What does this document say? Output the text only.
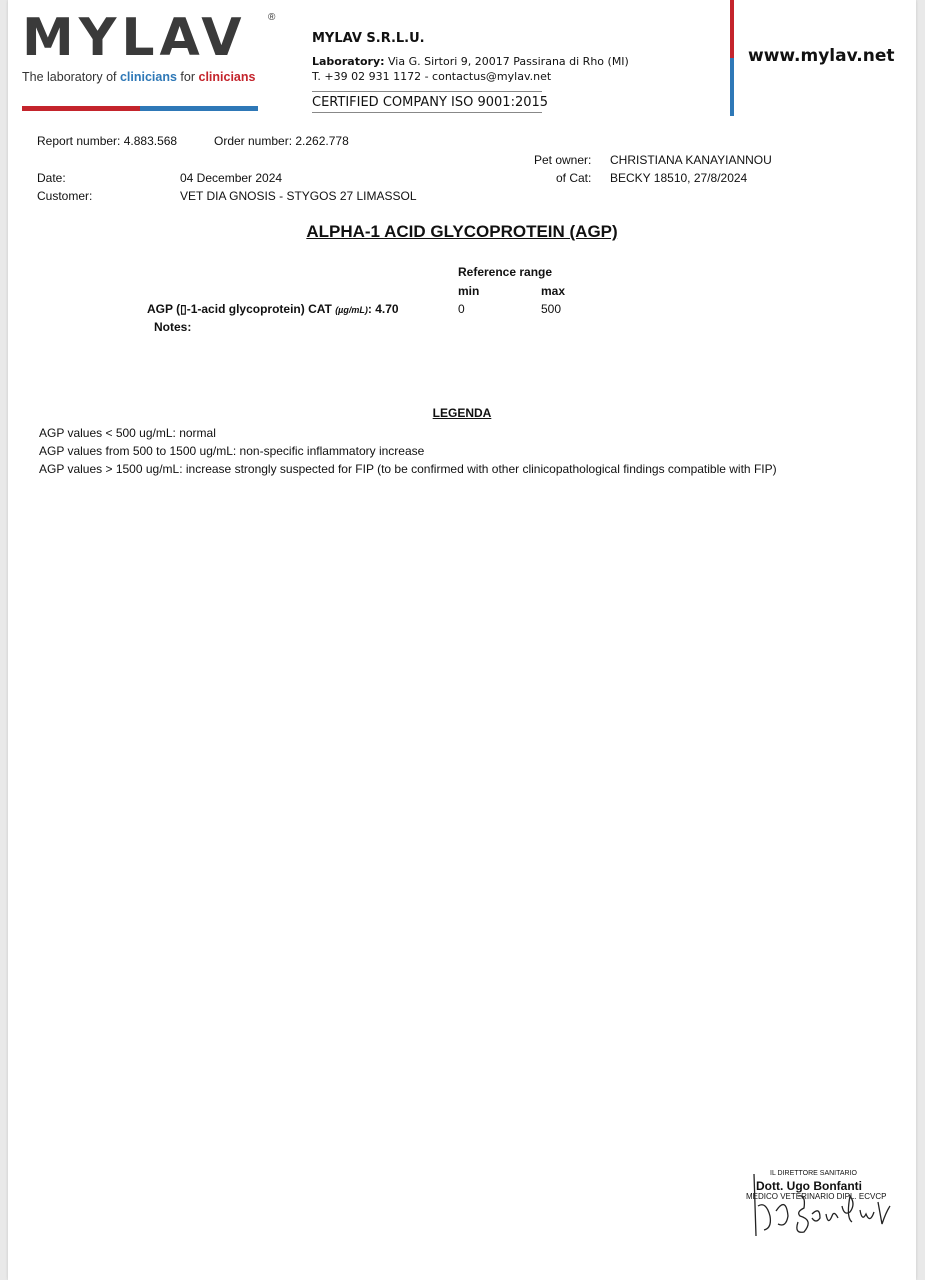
MYLAV ®
The laboratory of clinicians for clinicians
MYLAV S.R.L.U.
Laboratory: Via G. Sirtori 9, 20017 Passirana di Rho (MI)
T. +39 02 931 1172 - contactus@mylav.net
CERTIFIED COMPANY ISO 9001:2015
www.mylav.net
Report number: 4.883.568	Order number: 2.262.778
Pet owner: CHRISTIANA KANAYIANNOU
Date:	04 December 2024	of Cat: BECKY 18510, 27/8/2024
Customer:	VET DIA GNOSIS - STYGOS 27 LIMASSOL
ALPHA-1 ACID GLYCOPROTEIN (AGP)
Reference range
min	max
AGP (▯-1-acid glycoprotein) CAT (µg/mL): 4.70	0	500
Notes:
LEGENDA
AGP values < 500 ug/mL: normal
AGP values from 500 to 1500 ug/mL: non-specific inflammatory increase
AGP values > 1500 ug/mL: increase strongly suspected for FIP (to be confirmed with other clinicopathological findings compatible with FIP)
IL DIRETTORE SANITARIO
Dott. Ugo Bonfanti
MEDICO VETERINARIO DIPL. ECVCP
